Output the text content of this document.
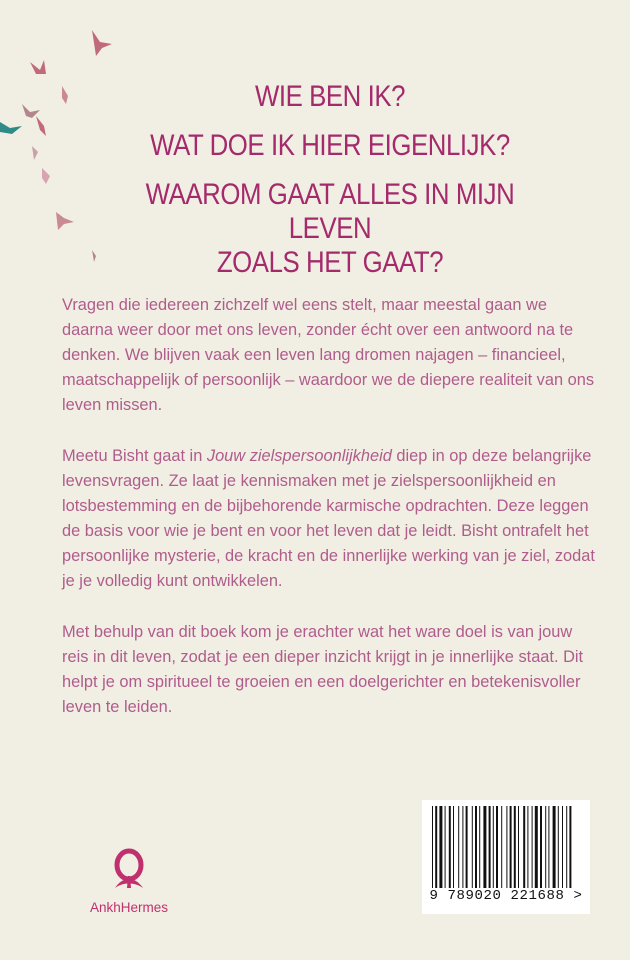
WIE BEN IK?
WAT DOE IK HIER EIGENLIJK?
WAAROM GAAT ALLES IN MIJN LEVEN
ZOALS HET GAAT?

Vragen die iedereen zichzelf wel eens stelt, maar meestal gaan we daarna weer door met ons leven, zonder écht over een antwoord na te denken. We blijven vaak een leven lang dromen najagen – financieel, maatschappelijk of persoonlijk – waardoor we de diepere realiteit van ons leven missen.

Meetu Bisht gaat in Jouw zielspersoonlijkheid diep in op deze belangrijke levensvragen. Ze laat je kennismaken met je zielspersoonlijkheid en lotsbestemming en de bijbehorende karmische opdrachten. Deze leggen de basis voor wie je bent en voor het leven dat je leidt. Bisht ontrafelt het persoonlijke mysterie, de kracht en de innerlijke werking van je ziel, zodat je je volledig kunt ontwikkelen.

Met behulp van dit boek kom je erachter wat het ware doel is van jouw reis in dit leven, zodat je een dieper inzicht krijgt in je innerlijke staat. Dit helpt je om spiritueel te groeien en een doelgerichter en betekenisvoller leven te leiden.

9 789020 221688 >
AnkhHermes
